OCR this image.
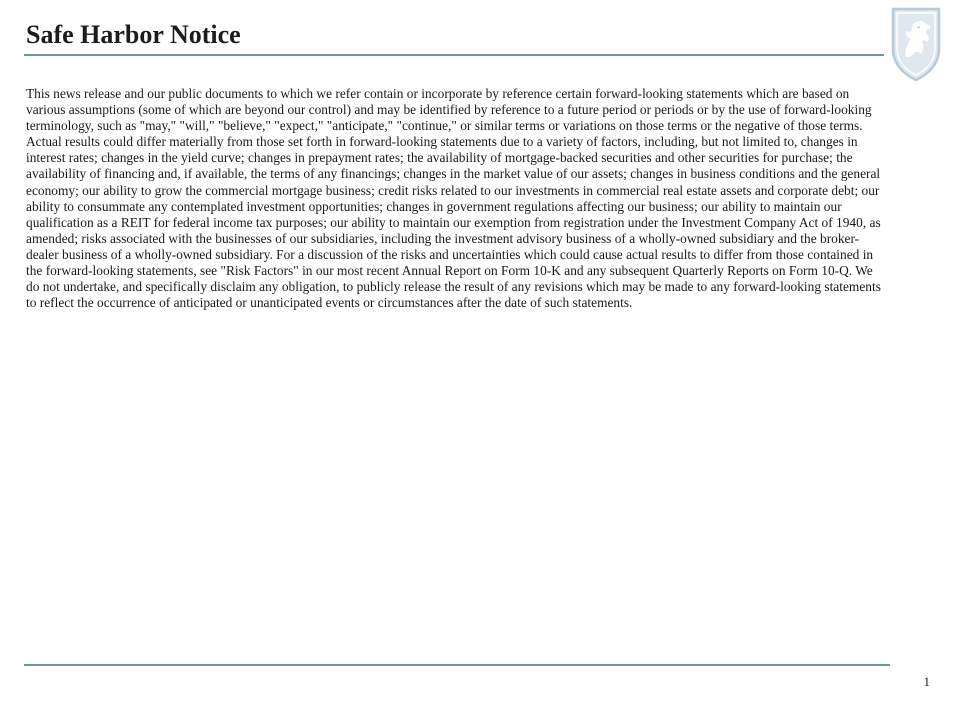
Safe Harbor Notice

This news release and our public documents to which we refer contain or incorporate by reference certain forward-looking statements which are based on various assumptions (some of which are beyond our control) and may be identified by reference to a future period or periods or by the use of forward-looking terminology, such as "may," "will," "believe," "expect," "anticipate," "continue," or similar terms or variations on those terms or the negative of those terms. Actual results could differ materially from those set forth in forward-looking statements due to a variety of factors, including, but not limited to, changes in interest rates; changes in the yield curve; changes in prepayment rates; the availability of mortgage-backed securities and other securities for purchase; the availability of financing and, if available, the terms of any financings; changes in the market value of our assets; changes in business conditions and the general economy; our ability to grow the commercial mortgage business; credit risks related to our investments in commercial real estate assets and corporate debt; our ability to consummate any contemplated investment opportunities; changes in government regulations affecting our business; our ability to maintain our qualification as a REIT for federal income tax purposes; our ability to maintain our exemption from registration under the Investment Company Act of 1940, as amended; risks associated with the businesses of our subsidiaries, including the investment advisory business of a wholly-owned subsidiary and the broker-dealer business of a wholly-owned subsidiary. For a discussion of the risks and uncertainties which could cause actual results to differ from those contained in the forward-looking statements, see "Risk Factors" in our most recent Annual Report on Form 10-K and any subsequent Quarterly Reports on Form 10-Q. We do not undertake, and specifically disclaim any obligation, to publicly release the result of any revisions which may be made to any forward-looking statements to reflect the occurrence of anticipated or unanticipated events or circumstances after the date of such statements.

1
